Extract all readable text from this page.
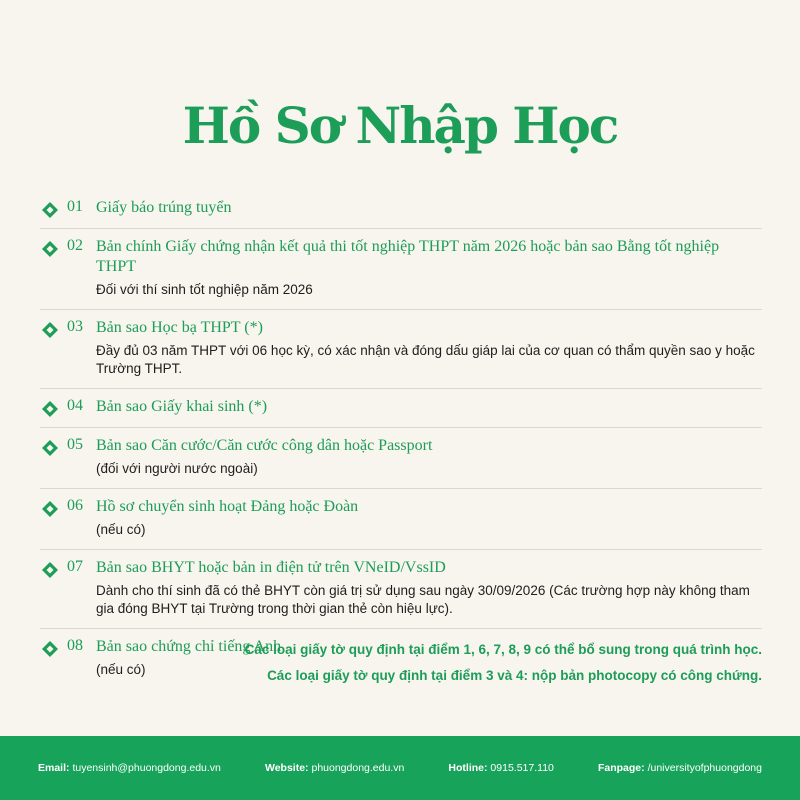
Hồ Sơ Nhập Học
01 Giấy báo trúng tuyển
02 Bản chính Giấy chứng nhận kết quả thi tốt nghiệp THPT năm 2026 hoặc bản sao Bằng tốt nghiệp THPT
Đối với thí sinh tốt nghiệp năm 2026
03 Bản sao Học bạ THPT (*)
Đầy đủ 03 năm THPT với 06 học kỳ, có xác nhận và đóng dấu giáp lai của cơ quan có thẩm quyền sao y hoặc Trường THPT.
04 Bản sao Giấy khai sinh (*)
05 Bản sao Căn cước/Căn cước công dân hoặc Passport
(đối với người nước ngoài)
06 Hồ sơ chuyển sinh hoạt Đảng hoặc Đoàn
(nếu có)
07 Bản sao BHYT hoặc bản in điện tử trên VNeID/VssID
Dành cho thí sinh đã có thẻ BHYT còn giá trị sử dụng sau ngày 30/09/2026 (Các trường hợp này không tham gia đóng BHYT tại Trường trong thời gian thẻ còn hiệu lực).
08 Bản sao chứng chỉ tiếng Anh
(nếu có)
Các loại giấy tờ quy định tại điểm 1, 6, 7, 8, 9 có thể bổ sung trong quá trình học.
Các loại giấy tờ quy định tại điểm 3 và 4: nộp bản photocopy có công chứng.
Email: tuyensinh@phuongdong.edu.vn	Website: phuongdong.edu.vn	Hotline: 0915.517.110	Fanpage: /universityofphuongdong
